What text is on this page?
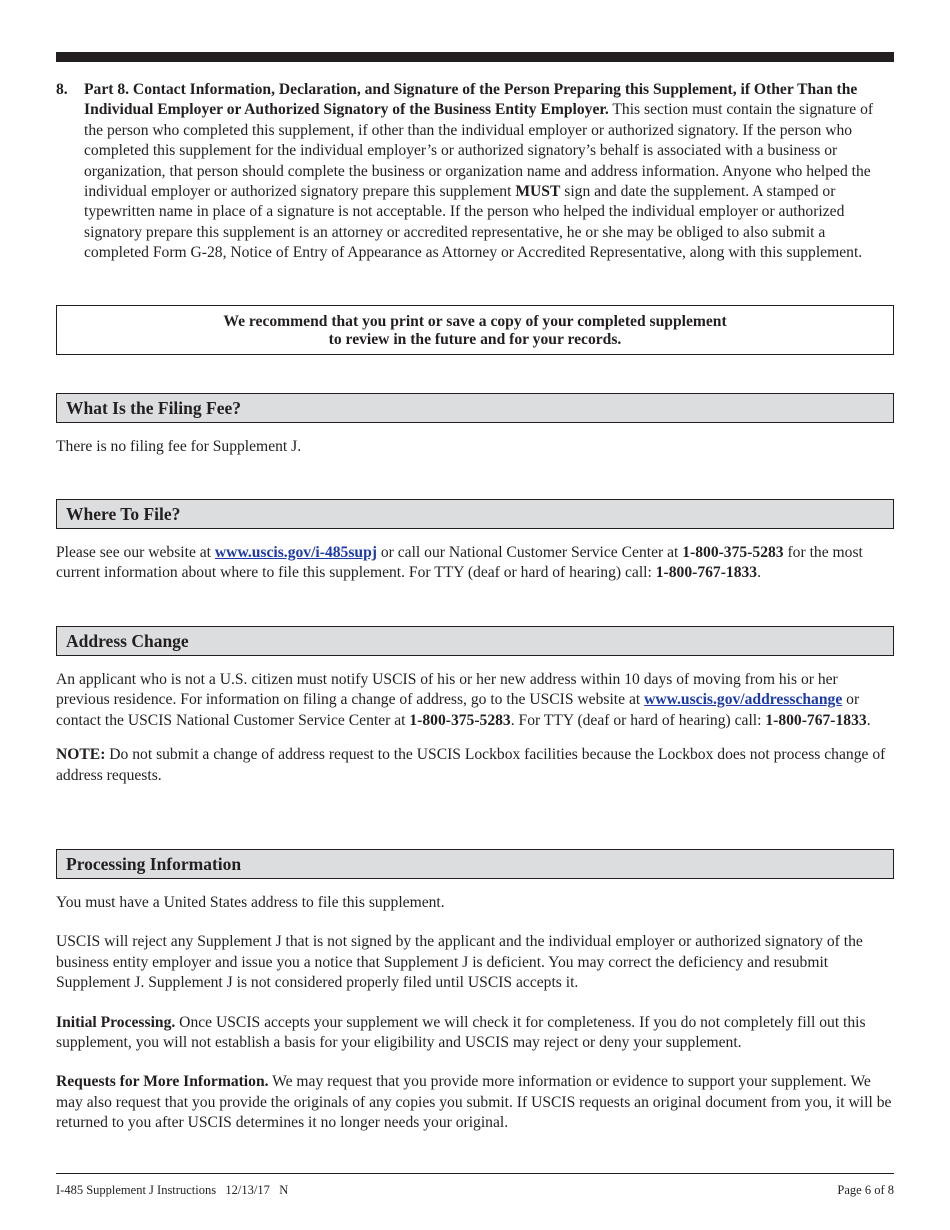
8. Part 8. Contact Information, Declaration, and Signature of the Person Preparing this Supplement, if Other Than the Individual Employer or Authorized Signatory of the Business Entity Employer. This section must contain the signature of the person who completed this supplement, if other than the individual employer or authorized signatory. If the person who completed this supplement for the individual employer’s or authorized signatory’s behalf is associated with a business or organization, that person should complete the business or organization name and address information. Anyone who helped the individual employer or authorized signatory prepare this supplement MUST sign and date the supplement. A stamped or typewritten name in place of a signature is not acceptable. If the person who helped the individual employer or authorized signatory prepare this supplement is an attorney or accredited representative, he or she may be obliged to also submit a completed Form G-28, Notice of Entry of Appearance as Attorney or Accredited Representative, along with this supplement.

We recommend that you print or save a copy of your completed supplement
to review in the future and for your records.
What Is the Filing Fee?

There is no filing fee for Supplement J.

Where To File?

Please see our website at www.uscis.gov/i-485supj or call our National Customer Service Center at 1-800-375-5283 for the most current information about where to file this supplement. For TTY (deaf or hard of hearing) call: 1-800-767-1833.

Address Change

An applicant who is not a U.S. citizen must notify USCIS of his or her new address within 10 days of moving from his or her previous residence. For information on filing a change of address, go to the USCIS website at www.uscis.gov/addresschange or contact the USCIS National Customer Service Center at 1-800-375-5283. For TTY (deaf or hard of hearing) call: 1-800-767-1833.

NOTE: Do not submit a change of address request to the USCIS Lockbox facilities because the Lockbox does not process change of address requests.

Processing Information

You must have a United States address to file this supplement.

USCIS will reject any Supplement J that is not signed by the applicant and the individual employer or authorized signatory of the business entity employer and issue you a notice that Supplement J is deficient. You may correct the deficiency and resubmit Supplement J. Supplement J is not considered properly filed until USCIS accepts it.

Initial Processing. Once USCIS accepts your supplement we will check it for completeness. If you do not completely fill out this supplement, you will not establish a basis for your eligibility and USCIS may reject or deny your supplement.

Requests for More Information. We may request that you provide more information or evidence to support your supplement. We may also request that you provide the originals of any copies you submit. If USCIS requests an original document from you, it will be returned to you after USCIS determines it no longer needs your original.

I-485 Supplement J Instructions   12/13/17   N	Page 6 of 8
